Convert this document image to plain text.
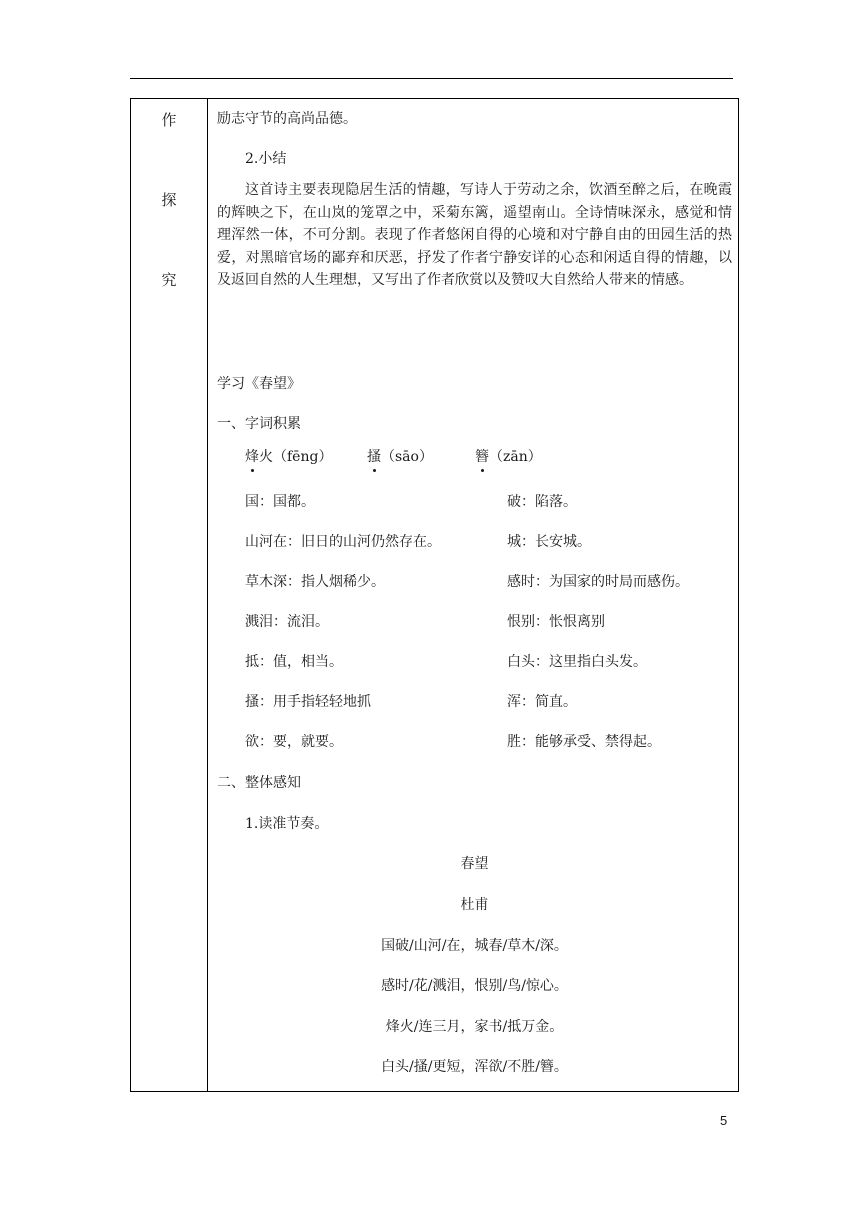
作
探
究
励志守节的高尚品德。
2.小结
这首诗主要表现隐居生活的情趣，写诗人于劳动之余，饮酒至醉之后，在晚霞的辉映之下，在山岚的笼罩之中，采菊东篱，遥望南山。全诗情味深永，感觉和情理浑然一体，不可分割。表现了作者悠闲自得的心境和对宁静自由的田园生活的热爱，对黑暗官场的鄙弃和厌恶，抒发了作者宁静安详的心态和闲适自得的情趣，以及返回自然的人生理想，又写出了作者欣赏以及赞叹大自然给人带来的情感。
学习《春望》
一、字词积累
烽火（fēng） 搔（sāo）	簪（zān）
国：国都。	破：陷落。
山河在：旧日的山河仍然存在。	城：长安城。
草木深：指人烟稀少。	感时：为国家的时局而感伤。
溅泪：流泪。	恨别：怅恨离别
抵：值，相当。	白头：这里指白头发。
搔：用手指轻轻地抓	浑：简直。
欲：要，就要。	胜：能够承受、禁得起。
二、整体感知
1.读准节奏。
春望
杜甫
国破/山河/在，城春/草木/深。
感时/花/溅泪，恨别/鸟/惊心。
烽火/连三月，家书/抵万金。
白头/搔/更短，浑欲/不胜/簪。
5
